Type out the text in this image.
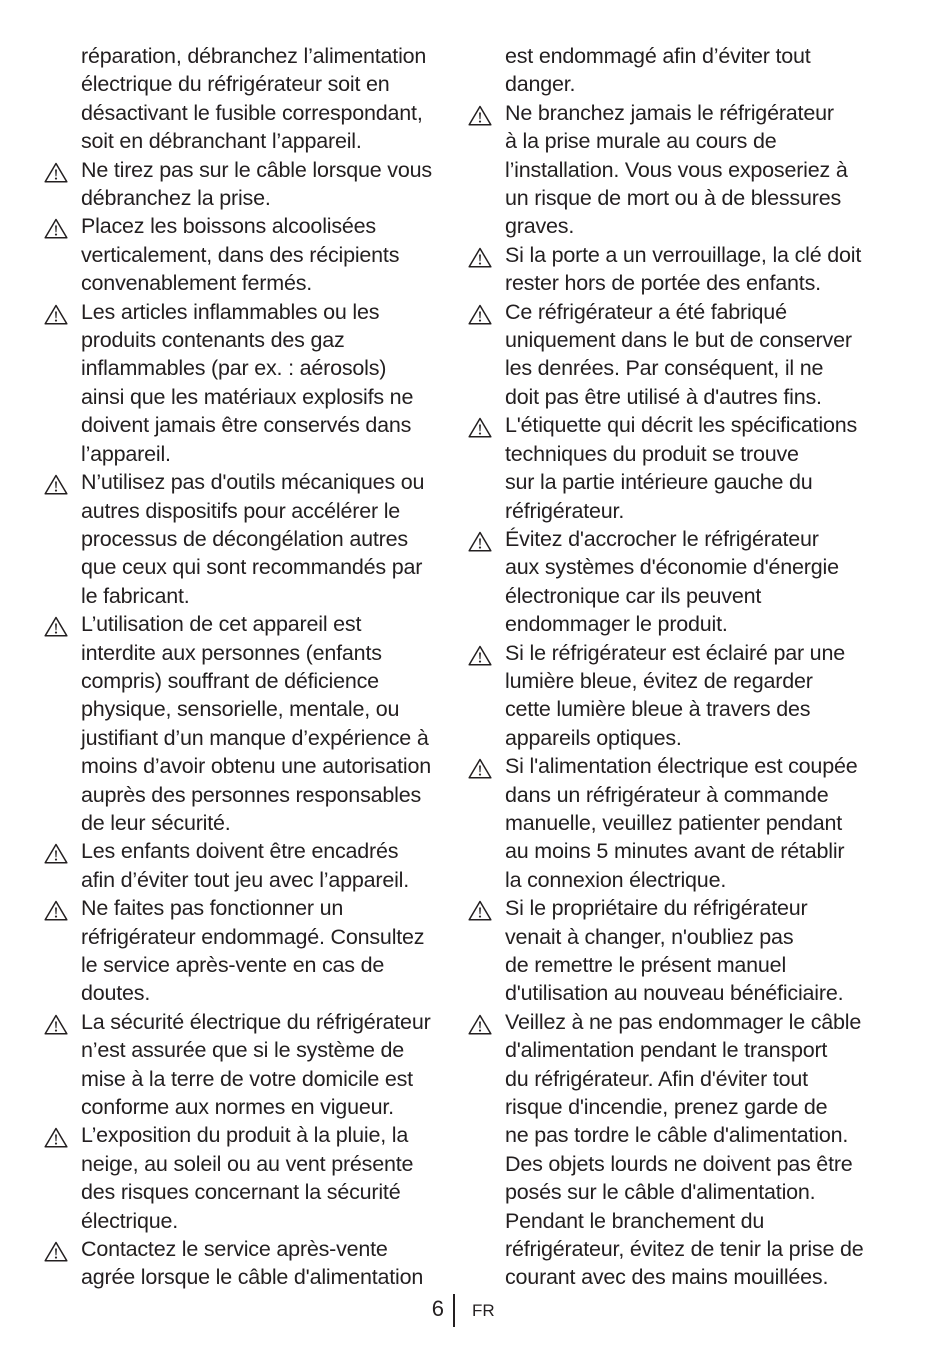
réparation, débranchez l’alimentation
électrique du réfrigérateur soit en
désactivant le fusible correspondant,
soit en débranchant l’appareil.
Ne tirez pas sur le câble lorsque vous
débranchez la prise.
Placez les boissons alcoolisées
verticalement, dans des récipients
convenablement fermés.
Les articles inflammables ou les
produits contenants des gaz
inflammables (par ex. : aérosols)
ainsi que les matériaux explosifs ne
doivent jamais être conservés dans
l’appareil.
N’utilisez pas d'outils mécaniques ou
autres dispositifs pour accélérer le
processus de décongélation autres
que ceux qui sont recommandés par
le fabricant.
L’utilisation de cet appareil est
interdite aux personnes (enfants
compris) souffrant de déficience
physique, sensorielle, mentale, ou
justifiant d’un manque d’expérience à
moins d’avoir obtenu une autorisation
auprès des personnes responsables
de leur sécurité.
Les enfants doivent être encadrés
afin d’éviter tout jeu avec l’appareil.
Ne faites pas fonctionner un
réfrigérateur endommagé. Consultez
le service après-vente en cas de
doutes.
La sécurité électrique du réfrigérateur
n’est assurée que si le système de
mise à la terre de votre domicile est
conforme aux normes en vigueur.
L’exposition du produit à la pluie, la
neige, au soleil ou au vent présente
des risques concernant la sécurité
électrique.
Contactez le service après-vente
agrée lorsque le câble d'alimentation
est endommagé afin d’éviter tout
danger.
Ne branchez jamais le réfrigérateur
à la prise murale au cours de
l’installation. Vous vous exposeriez à
un risque de mort ou à de blessures
graves.
Si la porte a un verrouillage, la clé doit
rester hors de portée des enfants.
Ce réfrigérateur a été fabriqué
uniquement dans le but de conserver
les denrées. Par conséquent, il ne
doit pas être utilisé à d'autres fins.
L'étiquette qui décrit les spécifications
techniques du produit se trouve
sur la partie intérieure gauche du
réfrigérateur.
Évitez d'accrocher le réfrigérateur
aux systèmes d'économie d'énergie
électronique car ils peuvent
endommager le produit.
Si le réfrigérateur est éclairé par une
lumière bleue, évitez de regarder
cette lumière bleue à travers des
appareils optiques.
Si l'alimentation électrique est coupée
dans un réfrigérateur à commande
manuelle, veuillez patienter pendant
au moins 5 minutes avant de rétablir
la connexion électrique.
Si le propriétaire du réfrigérateur
venait à changer, n'oubliez pas
de remettre le présent manuel
d'utilisation au nouveau bénéficiaire.
Veillez à ne pas endommager le câble
d'alimentation pendant le transport
du réfrigérateur. Afin d'éviter tout
risque d'incendie, prenez garde de
ne pas tordre le câble d'alimentation.
Des objets lourds ne doivent pas être
posés sur le câble d'alimentation.
Pendant le branchement du
réfrigérateur, évitez de tenir la prise de
courant avec des mains mouillées.
6 FR
